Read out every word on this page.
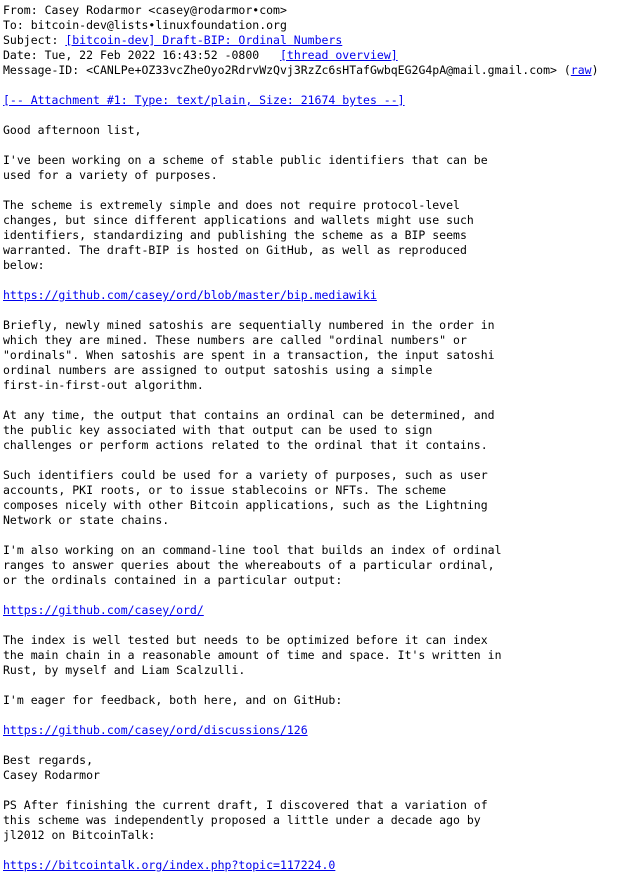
From: Casey Rodarmor <casey@rodarmor•com>
To: bitcoin-dev@lists•linuxfoundation.org
Subject: [bitcoin-dev] Draft-BIP: Ordinal Numbers
Date: Tue, 22 Feb 2022 16:43:52 -0800 [thread overview]
Message-ID: <CANLPe+OZ33vcZheOyo2RdrvWzQvj3RzZc6sHTafGwbqEG2G4pA@mail.gmail.com> (raw)
[-- Attachment #1: Type: text/plain, Size: 21674 bytes --]
Good afternoon list,
I've been working on a scheme of stable public identifiers that can be
used for a variety of purposes.
The scheme is extremely simple and does not require protocol-level
changes, but since different applications and wallets might use such
identifiers, standardizing and publishing the scheme as a BIP seems
warranted. The draft-BIP is hosted on GitHub, as well as reproduced
below:
https://github.com/casey/ord/blob/master/bip.mediawiki
Briefly, newly mined satoshis are sequentially numbered in the order in
which they are mined. These numbers are called "ordinal numbers" or
"ordinals". When satoshis are spent in a transaction, the input satoshi
ordinal numbers are assigned to output satoshis using a simple
first-in-first-out algorithm.
At any time, the output that contains an ordinal can be determined, and
the public key associated with that output can be used to sign
challenges or perform actions related to the ordinal that it contains.
Such identifiers could be used for a variety of purposes, such as user
accounts, PKI roots, or to issue stablecoins or NFTs. The scheme
composes nicely with other Bitcoin applications, such as the Lightning
Network or state chains.
I'm also working on an command-line tool that builds an index of ordinal
ranges to answer queries about the whereabouts of a particular ordinal,
or the ordinals contained in a particular output:
https://github.com/casey/ord/
The index is well tested but needs to be optimized before it can index
the main chain in a reasonable amount of time and space. It's written in
Rust, by myself and Liam Scalzulli.
I'm eager for feedback, both here, and on GitHub:
https://github.com/casey/ord/discussions/126
Best regards,
Casey Rodarmor
PS After finishing the current draft, I discovered that a variation of
this scheme was independently proposed a little under a decade ago by
jl2012 on BitcoinTalk:
https://bitcointalk.org/index.php?topic=117224.0
